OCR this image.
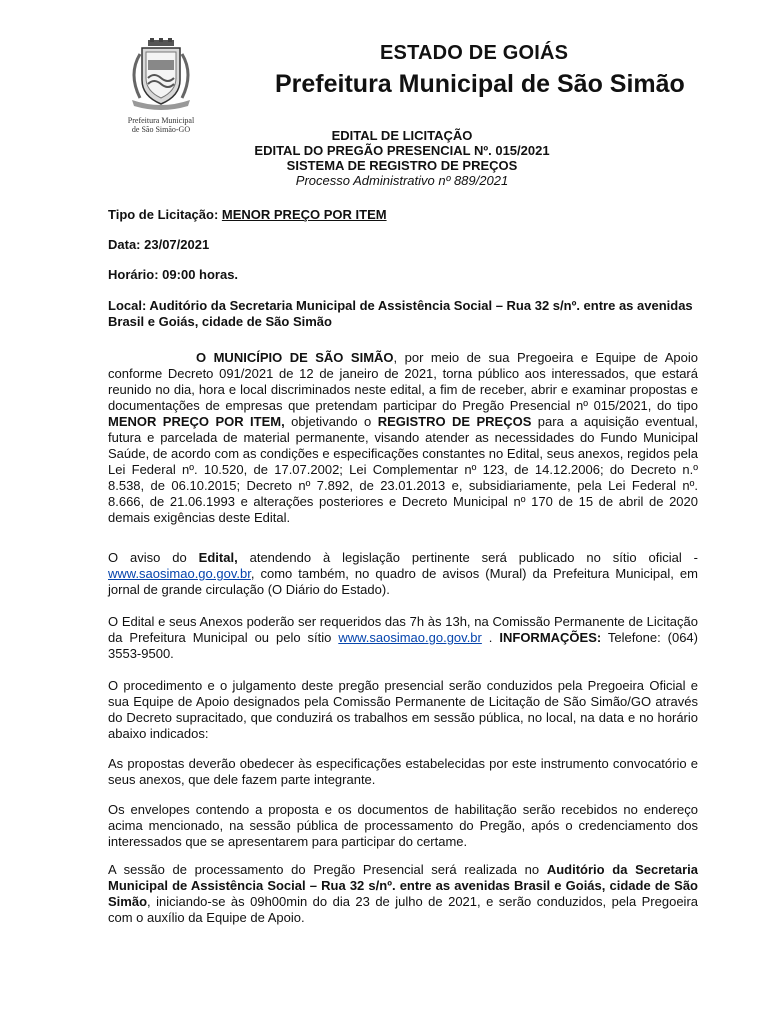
Prefeitura Municipal
de São Simão-GO
ESTADO DE GOIÁS
Prefeitura Municipal de São Simão
EDITAL DE LICITAÇÃO
EDITAL DO PREGÃO PRESENCIAL Nº. 015/2021
SISTEMA DE REGISTRO DE PREÇOS
Processo Administrativo nº 889/2021
Tipo de Licitação: MENOR PREÇO POR ITEM
Data: 23/07/2021
Horário: 09:00 horas.
Local: Auditório da Secretaria Municipal de Assistência Social – Rua 32 s/nº. entre as avenidas Brasil e Goiás, cidade de São Simão
O MUNICÍPIO DE SÃO SIMÃO, por meio de sua Pregoeira e Equipe de Apoio conforme Decreto 091/2021 de 12 de janeiro de 2021, torna público aos interessados, que estará reunido no dia, hora e local discriminados neste edital, a fim de receber, abrir e examinar propostas e documentações de empresas que pretendam participar do Pregão Presencial nº 015/2021, do tipo MENOR PREÇO POR ITEM, objetivando o REGISTRO DE PREÇOS para a aquisição eventual, futura e parcelada de material permanente, visando atender as necessidades do Fundo Municipal Saúde, de acordo com as condições e especificações constantes no Edital, seus anexos, regidos pela Lei Federal nº. 10.520, de 17.07.2002; Lei Complementar nº 123, de 14.12.2006; do Decreto n.º 8.538, de 06.10.2015; Decreto nº 7.892, de 23.01.2013 e, subsidiariamente, pela Lei Federal nº. 8.666, de 21.06.1993 e alterações posteriores e Decreto Municipal nº 170 de 15 de abril de 2020 demais exigências deste Edital.
O aviso do Edital, atendendo à legislação pertinente será publicado no sítio oficial - www.saosimao.go.gov.br, como também, no quadro de avisos (Mural) da Prefeitura Municipal, em jornal de grande circulação (O Diário do Estado).
O Edital e seus Anexos poderão ser requeridos das 7h às 13h, na Comissão Permanente de Licitação da Prefeitura Municipal ou pelo sítio www.saosimao.go.gov.br . INFORMAÇÕES: Telefone: (064) 3553-9500.
O procedimento e o julgamento deste pregão presencial serão conduzidos pela Pregoeira Oficial e sua Equipe de Apoio designados pela Comissão Permanente de Licitação de São Simão/GO através do Decreto supracitado, que conduzirá os trabalhos em sessão pública, no local, na data e no horário abaixo indicados:
As propostas deverão obedecer às especificações estabelecidas por este instrumento convocatório e seus anexos, que dele fazem parte integrante.
Os envelopes contendo a proposta e os documentos de habilitação serão recebidos no endereço acima mencionado, na sessão pública de processamento do Pregão, após o credenciamento dos interessados que se apresentarem para participar do certame.
A sessão de processamento do Pregão Presencial será realizada no Auditório da Secretaria Municipal de Assistência Social – Rua 32 s/nº. entre as avenidas Brasil e Goiás, cidade de São Simão, iniciando-se às 09h00min do dia 23 de julho de 2021, e serão conduzidos, pela Pregoeira com o auxílio da Equipe de Apoio.
